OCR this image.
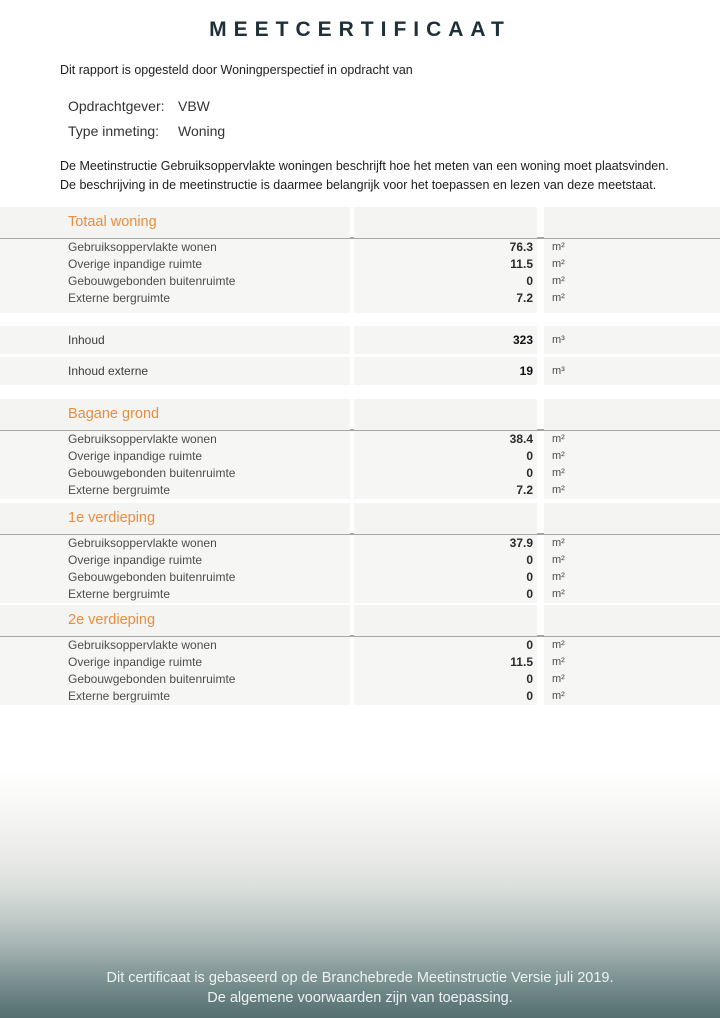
MEETCERTIFICAAT
Dit rapport is opgesteld door Woningperspectief in opdracht van
Opdrachtgever: VBW
Type inmeting: Woning
De Meetinstructie Gebruiksoppervlakte woningen beschrijft hoe het meten van een woning moet plaatsvinden.
De beschrijving in de meetinstructie is daarmee belangrijk voor het toepassen en lezen van deze meetstaat.
Totaal woning
Gebruiksoppervlakte wonen	76.3	m²
Overige inpandige ruimte	11.5	m²
Gebouwgebonden buitenruimte	0	m²
Externe bergruimte	7.2	m²
Inhoud	323	m³
Inhoud externe	19	m³
Bagane grond
Gebruiksoppervlakte wonen	38.4	m²
Overige inpandige ruimte	0	m²
Gebouwgebonden buitenruimte	0	m²
Externe bergruimte	7.2	m²
1e verdieping
Gebruiksoppervlakte wonen	37.9	m²
Overige inpandige ruimte	0	m²
Gebouwgebonden buitenruimte	0	m²
Externe bergruimte	0	m²
2e verdieping
Gebruiksoppervlakte wonen	0	m²
Overige inpandige ruimte	11.5	m²
Gebouwgebonden buitenruimte	0	m²
Externe bergruimte	0	m²
Dit certificaat is gebaseerd op de Branchebrede Meetinstructie Versie juli 2019.
De algemene voorwaarden zijn van toepassing.
